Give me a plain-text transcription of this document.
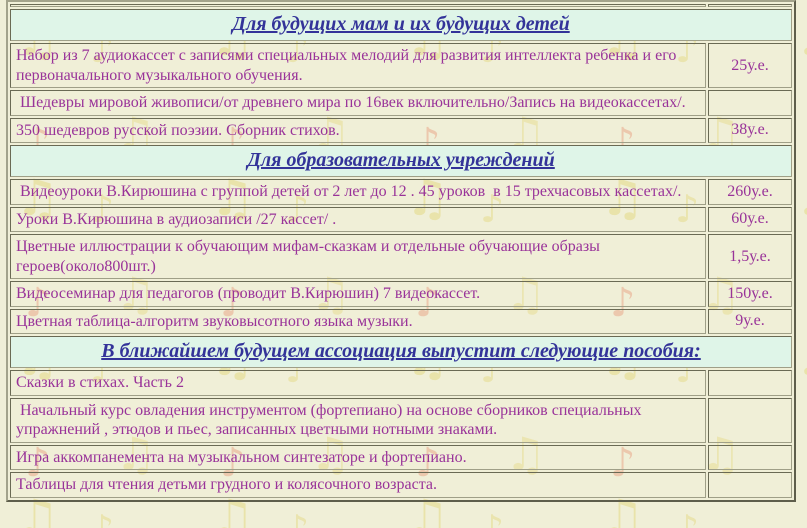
Для будущих мам и их будущих детей	
Набор из 7 аудиокассет с записями специальных мелодий для развития интеллекта ребенка и его первоначального музыкального обучения.	25у.е.
Шедевры мировой живописи/от древнего мира по 16век включительно/Запись на видеокассетах/.	
350 шедевров русской поэзии. Сборник стихов.	38у.е.
Для образовательных учреждений	
Видеоуроки В.Кирюшина с группой детей от 2 лет до 12 . 45 уроков  в 15 трехчасовых кассетах/.	260у.е.
Уроки В.Кирюшина в аудиозаписи /27 кассет/ .	60у.е.
Цветные иллюстрации к обучающим мифам-сказкам и отдельные обучающие образы героев(около800шт.)	1,5у.е.
Видеосеминар для педагогов (проводит В.Кирюшин) 7 видеокассет.	150у.е.
Цветная таблица-алгоритм звуковысотного языка музыки.	9у.е.
В ближайшем будущем ассоциация выпустит следующие пособия:	
Сказки в стихах. Часть 2	
Начальный курс овладения инструментом (фортепиано) на основе сборников специальных упражнений , этюдов и пьес, записанных цветными нотными знаками.	
Игра аккомпанемента на музыкальном синтезаторе и фортепиано.	
Таблицы для чтения детьми грудного и колясочного возраста.	
